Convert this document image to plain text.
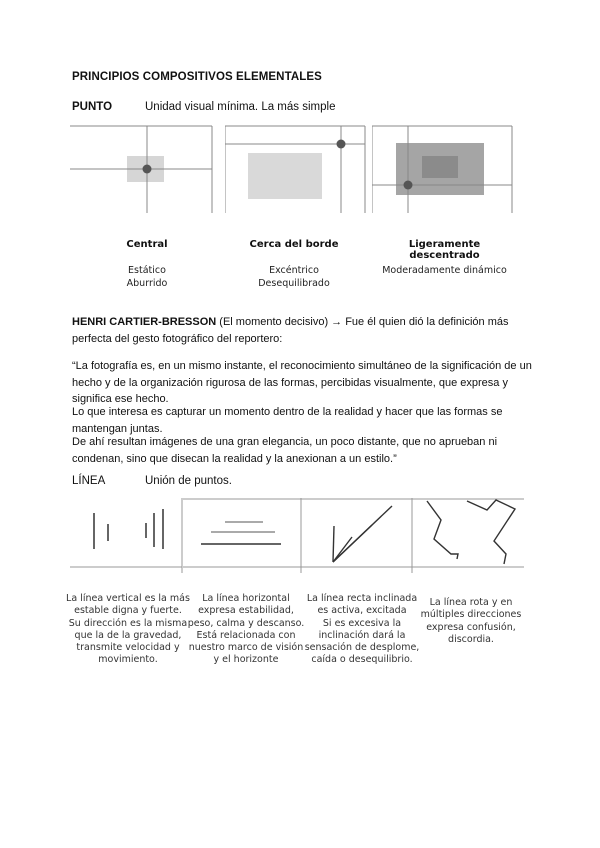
PRINCIPIOS COMPOSITIVOS ELEMENTALES
PUNTO	Unidad visual mínima. La más simple
Central
Estático
Aburrido
Cerca del borde
Excéntrico
Desequilibrado
Ligeramente descentrado
Moderadamente dinámico
HENRI CARTIER-BRESSON (El momento decisivo) → Fue él quien dió la definición más perfecta del gesto fotográfico del reportero:
“La fotografía es, en un mismo instante, el reconocimiento simultáneo de la significación de un hecho y de la organización rigurosa de las formas, percibidas visualmente, que expresa y significa ese hecho.
Lo que interesa es capturar un momento dentro de la realidad y hacer que las formas se mantengan juntas.
De ahí resultan imágenes de una gran elegancia, un poco distante, que no aprueban ni condenan, sino que disecan la realidad y la anexionan a un estilo.”
LÍNEA	Unión de puntos.
La línea vertical es la más
estable digna y fuerte.
Su dirección es la misma
que la de la gravedad,
transmite velocidad y
movimiento.
La línea horizontal
expresa estabilidad,
peso, calma y descanso.
Está relacionada con
nuestro marco de visión
y el horizonte
La línea recta inclinada
es activa, excitada
Si es excesiva la
inclinación dará la
sensación de desplome,
caída o desequilibrio.
La línea rota y en
múltiples direcciones
expresa confusión,
discordia.
